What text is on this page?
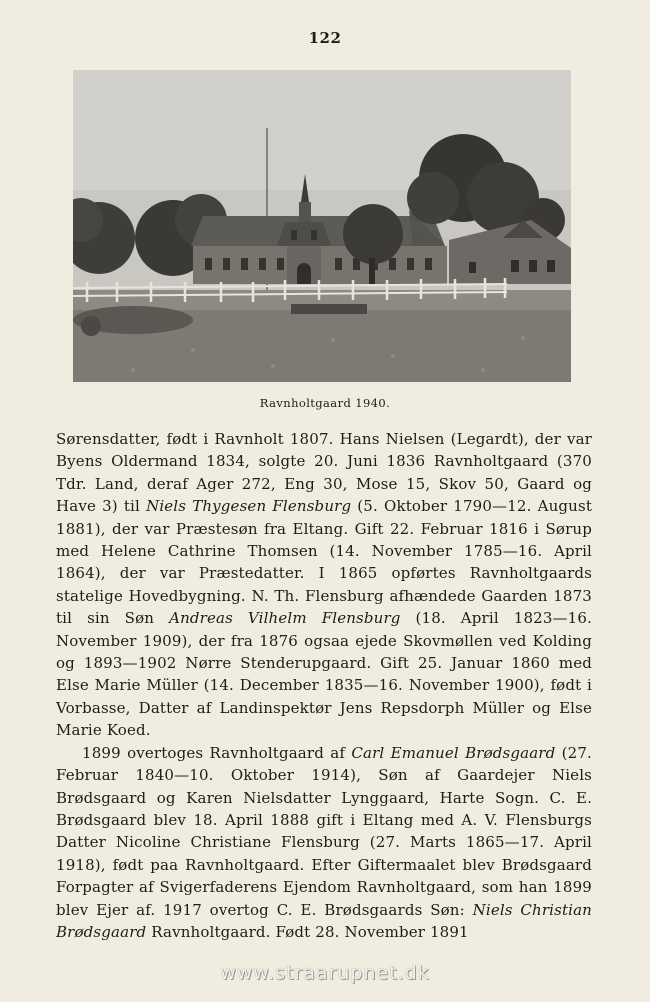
122
Ravnholtgaard 1940.

Sørensdatter, født i Ravnholt 1807. Hans Nielsen (Legardt), der var Byens Oldermand 1834, solgte 20. Juni 1836 Ravnholtgaard (370 Tdr. Land, deraf Ager 272, Eng 30, Mose 15, Skov 50, Gaard og Have 3) til Niels Thygesen Flensburg (5. Oktober 1790—12. August 1881), der var Præstesøn fra Eltang. Gift 22. Februar 1816 i Sørup med Helene Cathrine Thomsen (14. November 1785—16. April 1864), der var Præstedatter. I 1865 opførtes Ravnholtgaards statelige Hovedbygning. N. Th. Flensburg afhændede Gaarden 1873 til sin Søn Andreas Vilhelm Flensburg (18. April 1823—16. November 1909), der fra 1876 ogsaa ejede Skovmøllen ved Kolding og 1893—1902 Nørre Stenderupgaard. Gift 25. Januar 1860 med Else Marie Müller (14. December 1835—16. November 1900), født i Vorbasse, Datter af Landinspektør Jens Repsdorph Müller og Else Marie Koed.

1899 overtoges Ravnholtgaard af Carl Emanuel Brødsgaard (27. Februar 1840—10. Oktober 1914), Søn af Gaardejer Niels Brødsgaard og Karen Nielsdatter Lynggaard, Harte Sogn. C. E. Brødsgaard blev 18. April 1888 gift i Eltang med A. V. Flensburgs Datter Nicoline Christiane Flensburg (27. Marts 1865—17. April 1918), født paa Ravnholtgaard. Efter Giftermaalet blev Brødsgaard Forpagter af Svigerfaderens Ejendom Ravnholtgaard, som han 1899 blev Ejer af. 1917 overtog C. E. Brødsgaards Søn: Niels Christian Brødsgaard Ravnholtgaard. Født 28. November 1891

www.straarupnet.dk
